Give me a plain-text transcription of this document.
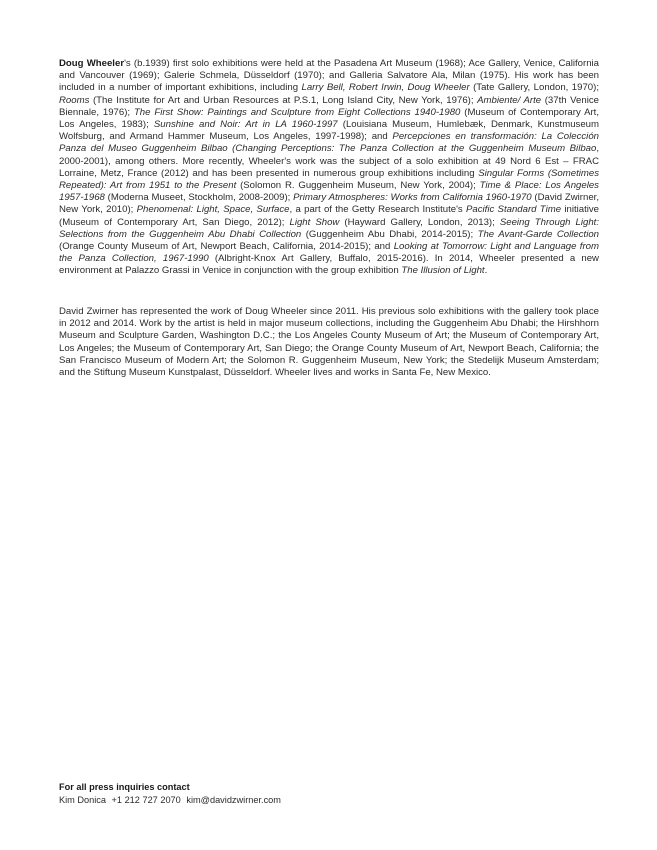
Doug Wheeler's (b.1939) first solo exhibitions were held at the Pasadena Art Museum (1968); Ace Gallery, Venice, California and Vancouver (1969); Galerie Schmela, Düsseldorf (1970); and Galleria Salvatore Ala, Milan (1975). His work has been included in a number of important exhibitions, including Larry Bell, Robert Irwin, Doug Wheeler (Tate Gallery, London, 1970); Rooms (The Institute for Art and Urban Resources at P.S.1, Long Island City, New York, 1976); Ambiente/ Arte (37th Venice Biennale, 1976); The First Show: Paintings and Sculpture from Eight Collections 1940-1980 (Museum of Contemporary Art, Los Angeles, 1983); Sunshine and Noir: Art in LA 1960-1997 (Louisiana Museum, Humlebæk, Denmark, Kunstmuseum Wolfsburg, and Armand Hammer Museum, Los Angeles, 1997-1998); and Percepciones en transformación: La Colección Panza del Museo Guggenheim Bilbao (Changing Perceptions: The Panza Collection at the Guggenheim Museum Bilbao, 2000-2001), among others. More recently, Wheeler's work was the subject of a solo exhibition at 49 Nord 6 Est – FRAC Lorraine, Metz, France (2012) and has been presented in numerous group exhibitions including Singular Forms (Sometimes Repeated): Art from 1951 to the Present (Solomon R. Guggenheim Museum, New York, 2004); Time & Place: Los Angeles 1957-1968 (Moderna Museet, Stockholm, 2008-2009); Primary Atmospheres: Works from California 1960-1970 (David Zwirner, New York, 2010); Phenomenal: Light, Space, Surface, a part of the Getty Research Institute's Pacific Standard Time initiative (Museum of Contemporary Art, San Diego, 2012); Light Show (Hayward Gallery, London, 2013); Seeing Through Light: Selections from the Guggenheim Abu Dhabi Collection (Guggenheim Abu Dhabi, 2014-2015); The Avant-Garde Collection (Orange County Museum of Art, Newport Beach, California, 2014-2015); and Looking at Tomorrow: Light and Language from the Panza Collection, 1967-1990 (Albright-Knox Art Gallery, Buffalo, 2015-2016). In 2014, Wheeler presented a new environment at Palazzo Grassi in Venice in conjunction with the group exhibition The Illusion of Light.

David Zwirner has represented the work of Doug Wheeler since 2011. His previous solo exhibitions with the gallery took place in 2012 and 2014. Work by the artist is held in major museum collections, including the Guggenheim Abu Dhabi; the Hirshhorn Museum and Sculpture Garden, Washington D.C.; the Los Angeles County Museum of Art; the Museum of Contemporary Art, Los Angeles; the Museum of Contemporary Art, San Diego; the Orange County Museum of Art, Newport Beach, California; the San Francisco Museum of Modern Art; the Solomon R. Guggenheim Museum, New York; the Stedelijk Museum Amsterdam; and the Stiftung Museum Kunstpalast, Düsseldorf. Wheeler lives and works in Santa Fe, New Mexico.

For all press inquiries contact
Kim Donica +1 212 727 2070 kim@davidzwirner.com
